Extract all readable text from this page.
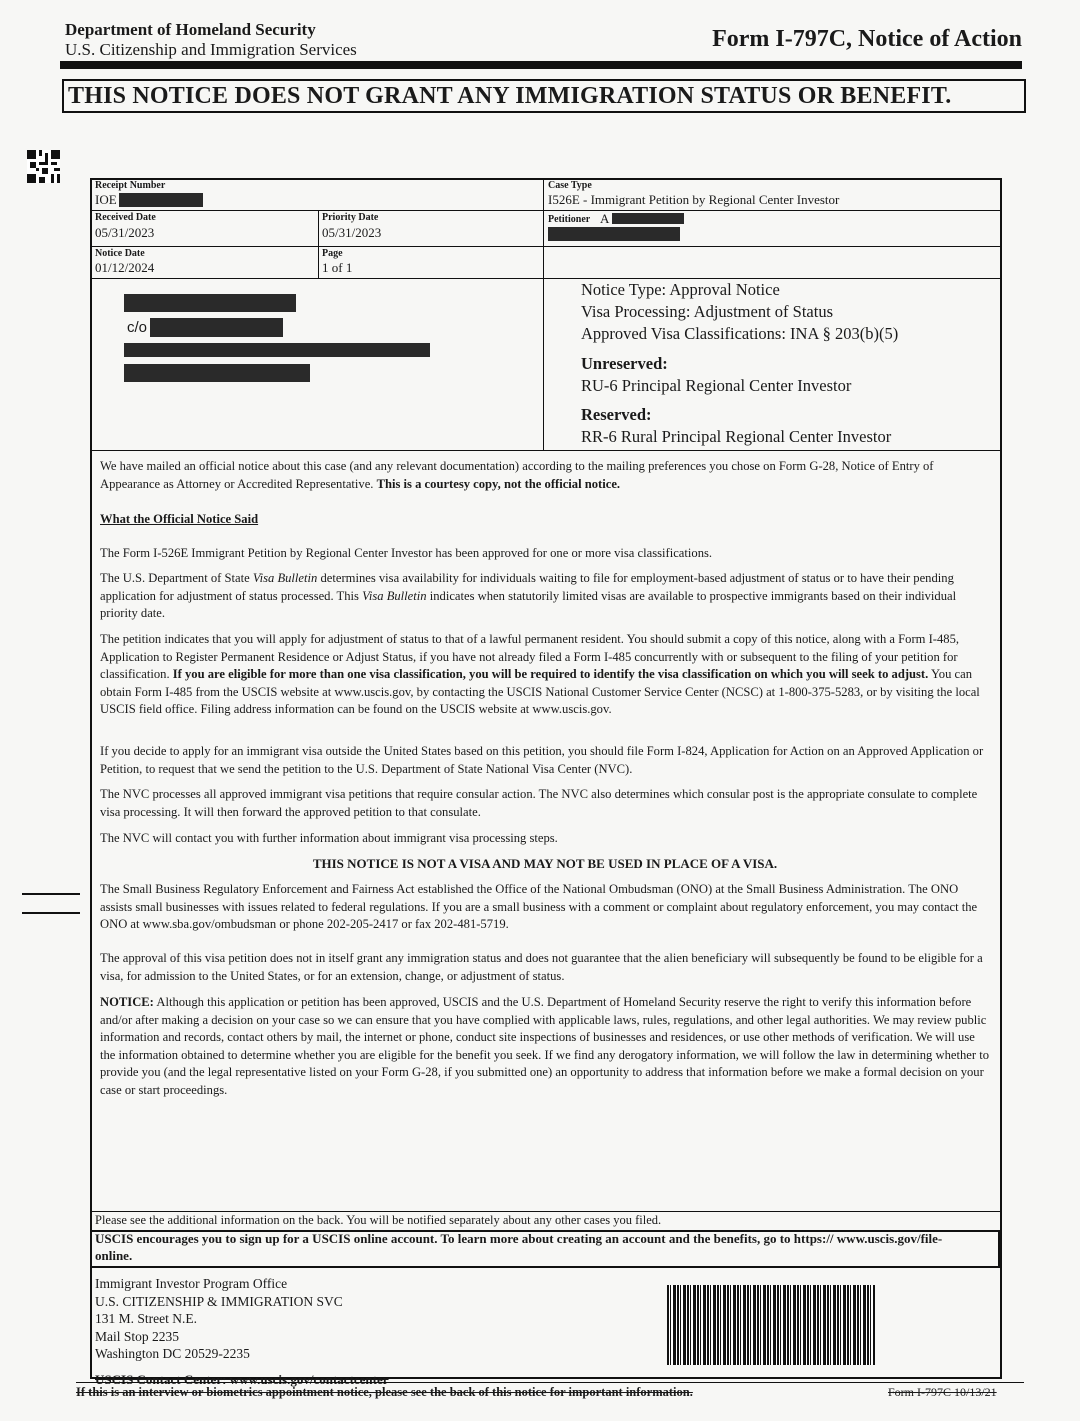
Department of Homeland Security
U.S. Citizenship and Immigration Services	Form I-797C, Notice of Action
THIS NOTICE DOES NOT GRANT ANY IMMIGRATION STATUS OR BENEFIT.
Receipt Number
IOE
Case Type
I526E - Immigrant Petition by Regional Center Investor
Received Date
05/31/2023
Priority Date
05/31/2023
Petitioner A
Notice Date
01/12/2024
Page
1 of 1
c/o
Notice Type: Approval Notice
Visa Processing: Adjustment of Status
Approved Visa Classifications: INA § 203(b)(5)
Unreserved:
RU-6 Principal Regional Center Investor
Reserved:
RR-6 Rural Principal Regional Center Investor
We have mailed an official notice about this case (and any relevant documentation) according to the mailing preferences you chose on Form G-28, Notice of Entry of Appearance as Attorney or Accredited Representative. This is a courtesy copy, not the official notice.
What the Official Notice Said
The Form I-526E Immigrant Petition by Regional Center Investor has been approved for one or more visa classifications.
The U.S. Department of State Visa Bulletin determines visa availability for individuals waiting to file for employment-based adjustment of status or to have their pending application for adjustment of status processed. This Visa Bulletin indicates when statutorily limited visas are available to prospective immigrants based on their individual priority date.
The petition indicates that you will apply for adjustment of status to that of a lawful permanent resident. You should submit a copy of this notice, along with a Form I-485, Application to Register Permanent Residence or Adjust Status, if you have not already filed a Form I-485 concurrently with or subsequent to the filing of your petition for classification. If you are eligible for more than one visa classification, you will be required to identify the visa classification on which you will seek to adjust. You can obtain Form I-485 from the USCIS website at www.uscis.gov, by contacting the USCIS National Customer Service Center (NCSC) at 1-800-375-5283, or by visiting the local USCIS field office. Filing address information can be found on the USCIS website at www.uscis.gov.
If you decide to apply for an immigrant visa outside the United States based on this petition, you should file Form I-824, Application for Action on an Approved Application or Petition, to request that we send the petition to the U.S. Department of State National Visa Center (NVC).
The NVC processes all approved immigrant visa petitions that require consular action. The NVC also determines which consular post is the appropriate consulate to complete visa processing. It will then forward the approved petition to that consulate.
The NVC will contact you with further information about immigrant visa processing steps.
THIS NOTICE IS NOT A VISA AND MAY NOT BE USED IN PLACE OF A VISA.
The Small Business Regulatory Enforcement and Fairness Act established the Office of the National Ombudsman (ONO) at the Small Business Administration. The ONO assists small businesses with issues related to federal regulations. If you are a small business with a comment or complaint about regulatory enforcement, you may contact the ONO at www.sba.gov/ombudsman or phone 202-205-2417 or fax 202-481-5719.
The approval of this visa petition does not in itself grant any immigration status and does not guarantee that the alien beneficiary will subsequently be found to be eligible for a visa, for admission to the United States, or for an extension, change, or adjustment of status.
NOTICE: Although this application or petition has been approved, USCIS and the U.S. Department of Homeland Security reserve the right to verify this information before and/or after making a decision on your case so we can ensure that you have complied with applicable laws, rules, regulations, and other legal authorities. We may review public information and records, contact others by mail, the internet or phone, conduct site inspections of businesses and residences, or use other methods of verification. We will use the information obtained to determine whether you are eligible for the benefit you seek. If we find any derogatory information, we will follow the law in determining whether to provide you (and the legal representative listed on your Form G-28, if you submitted one) an opportunity to address that information before we make a formal decision on your case or start proceedings.
Please see the additional information on the back. You will be notified separately about any other cases you filed.
USCIS encourages you to sign up for a USCIS online account. To learn more about creating an account and the benefits, go to https:// www.uscis.gov/file-online.
Immigrant Investor Program Office
U.S. CITIZENSHIP & IMMIGRATION SVC
131 M. Street N.E.
Mail Stop 2235
Washington DC 20529-2235
USCIS Contact Center: www.uscis.gov/contactcenter
If this is an interview or biometrics appointment notice, please see the back of this notice for important information.	Form I-797C 10/13/21
